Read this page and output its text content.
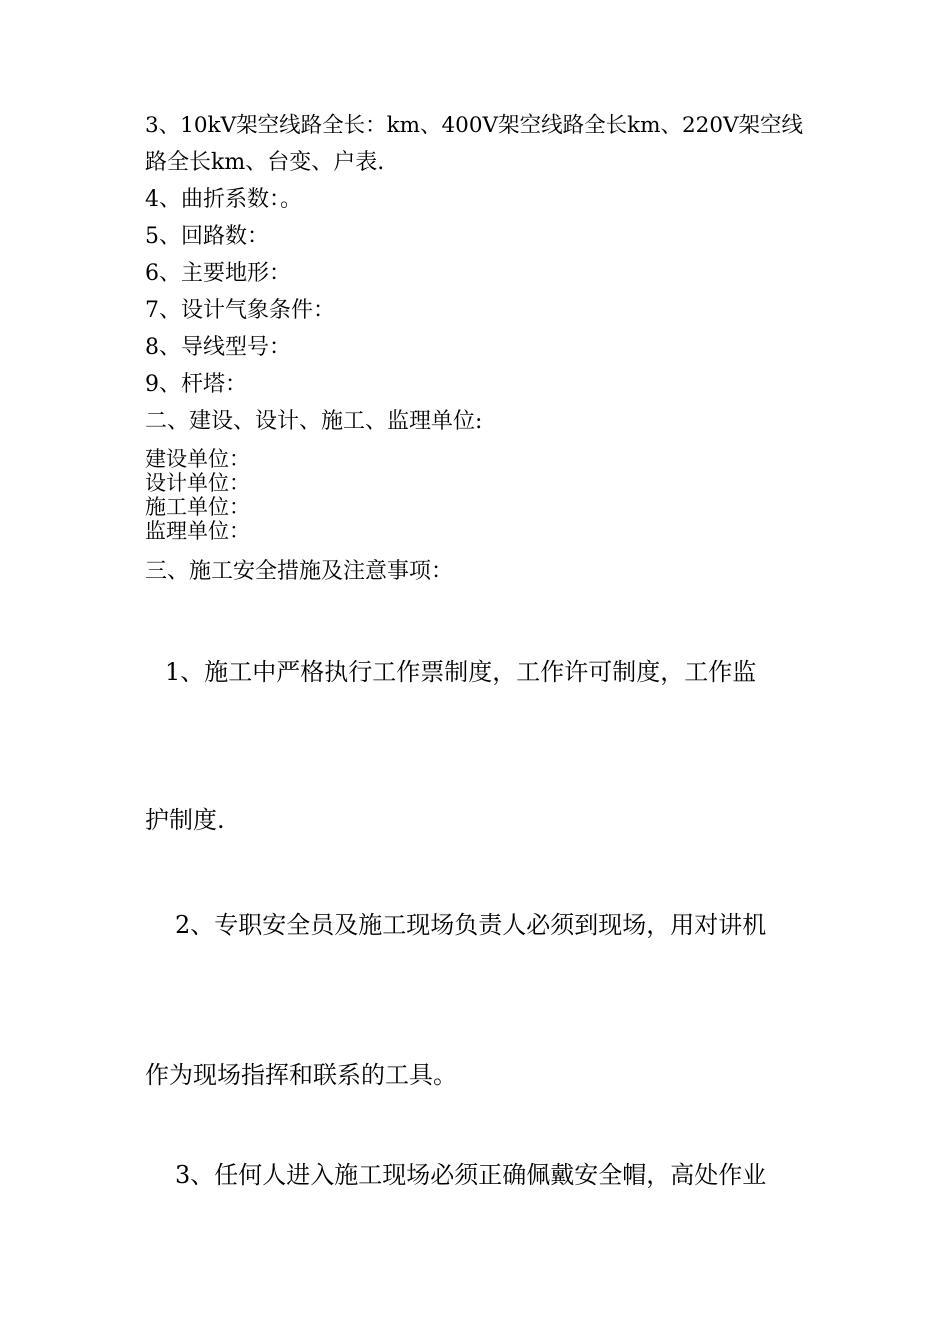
3、10kV架空线路全长：km、400V架空线路全长km、220V架空线
路全长km、台变、户表.
4、曲折系数：。
5、回路数：
6、主要地形：
7、设计气象条件：
8、导线型号：
9、杆塔：
二、建设、设计、施工、监理单位:
建设单位：
设计单位：
施工单位：
监理单位：
三、施工安全措施及注意事项：
1、施工中严格执行工作票制度，工作许可制度，工作监
护制度.
2、专职安全员及施工现场负责人必须到现场，用对讲机
作为现场指挥和联系的工具。
3、任何人进入施工现场必须正确佩戴安全帽，高处作业
